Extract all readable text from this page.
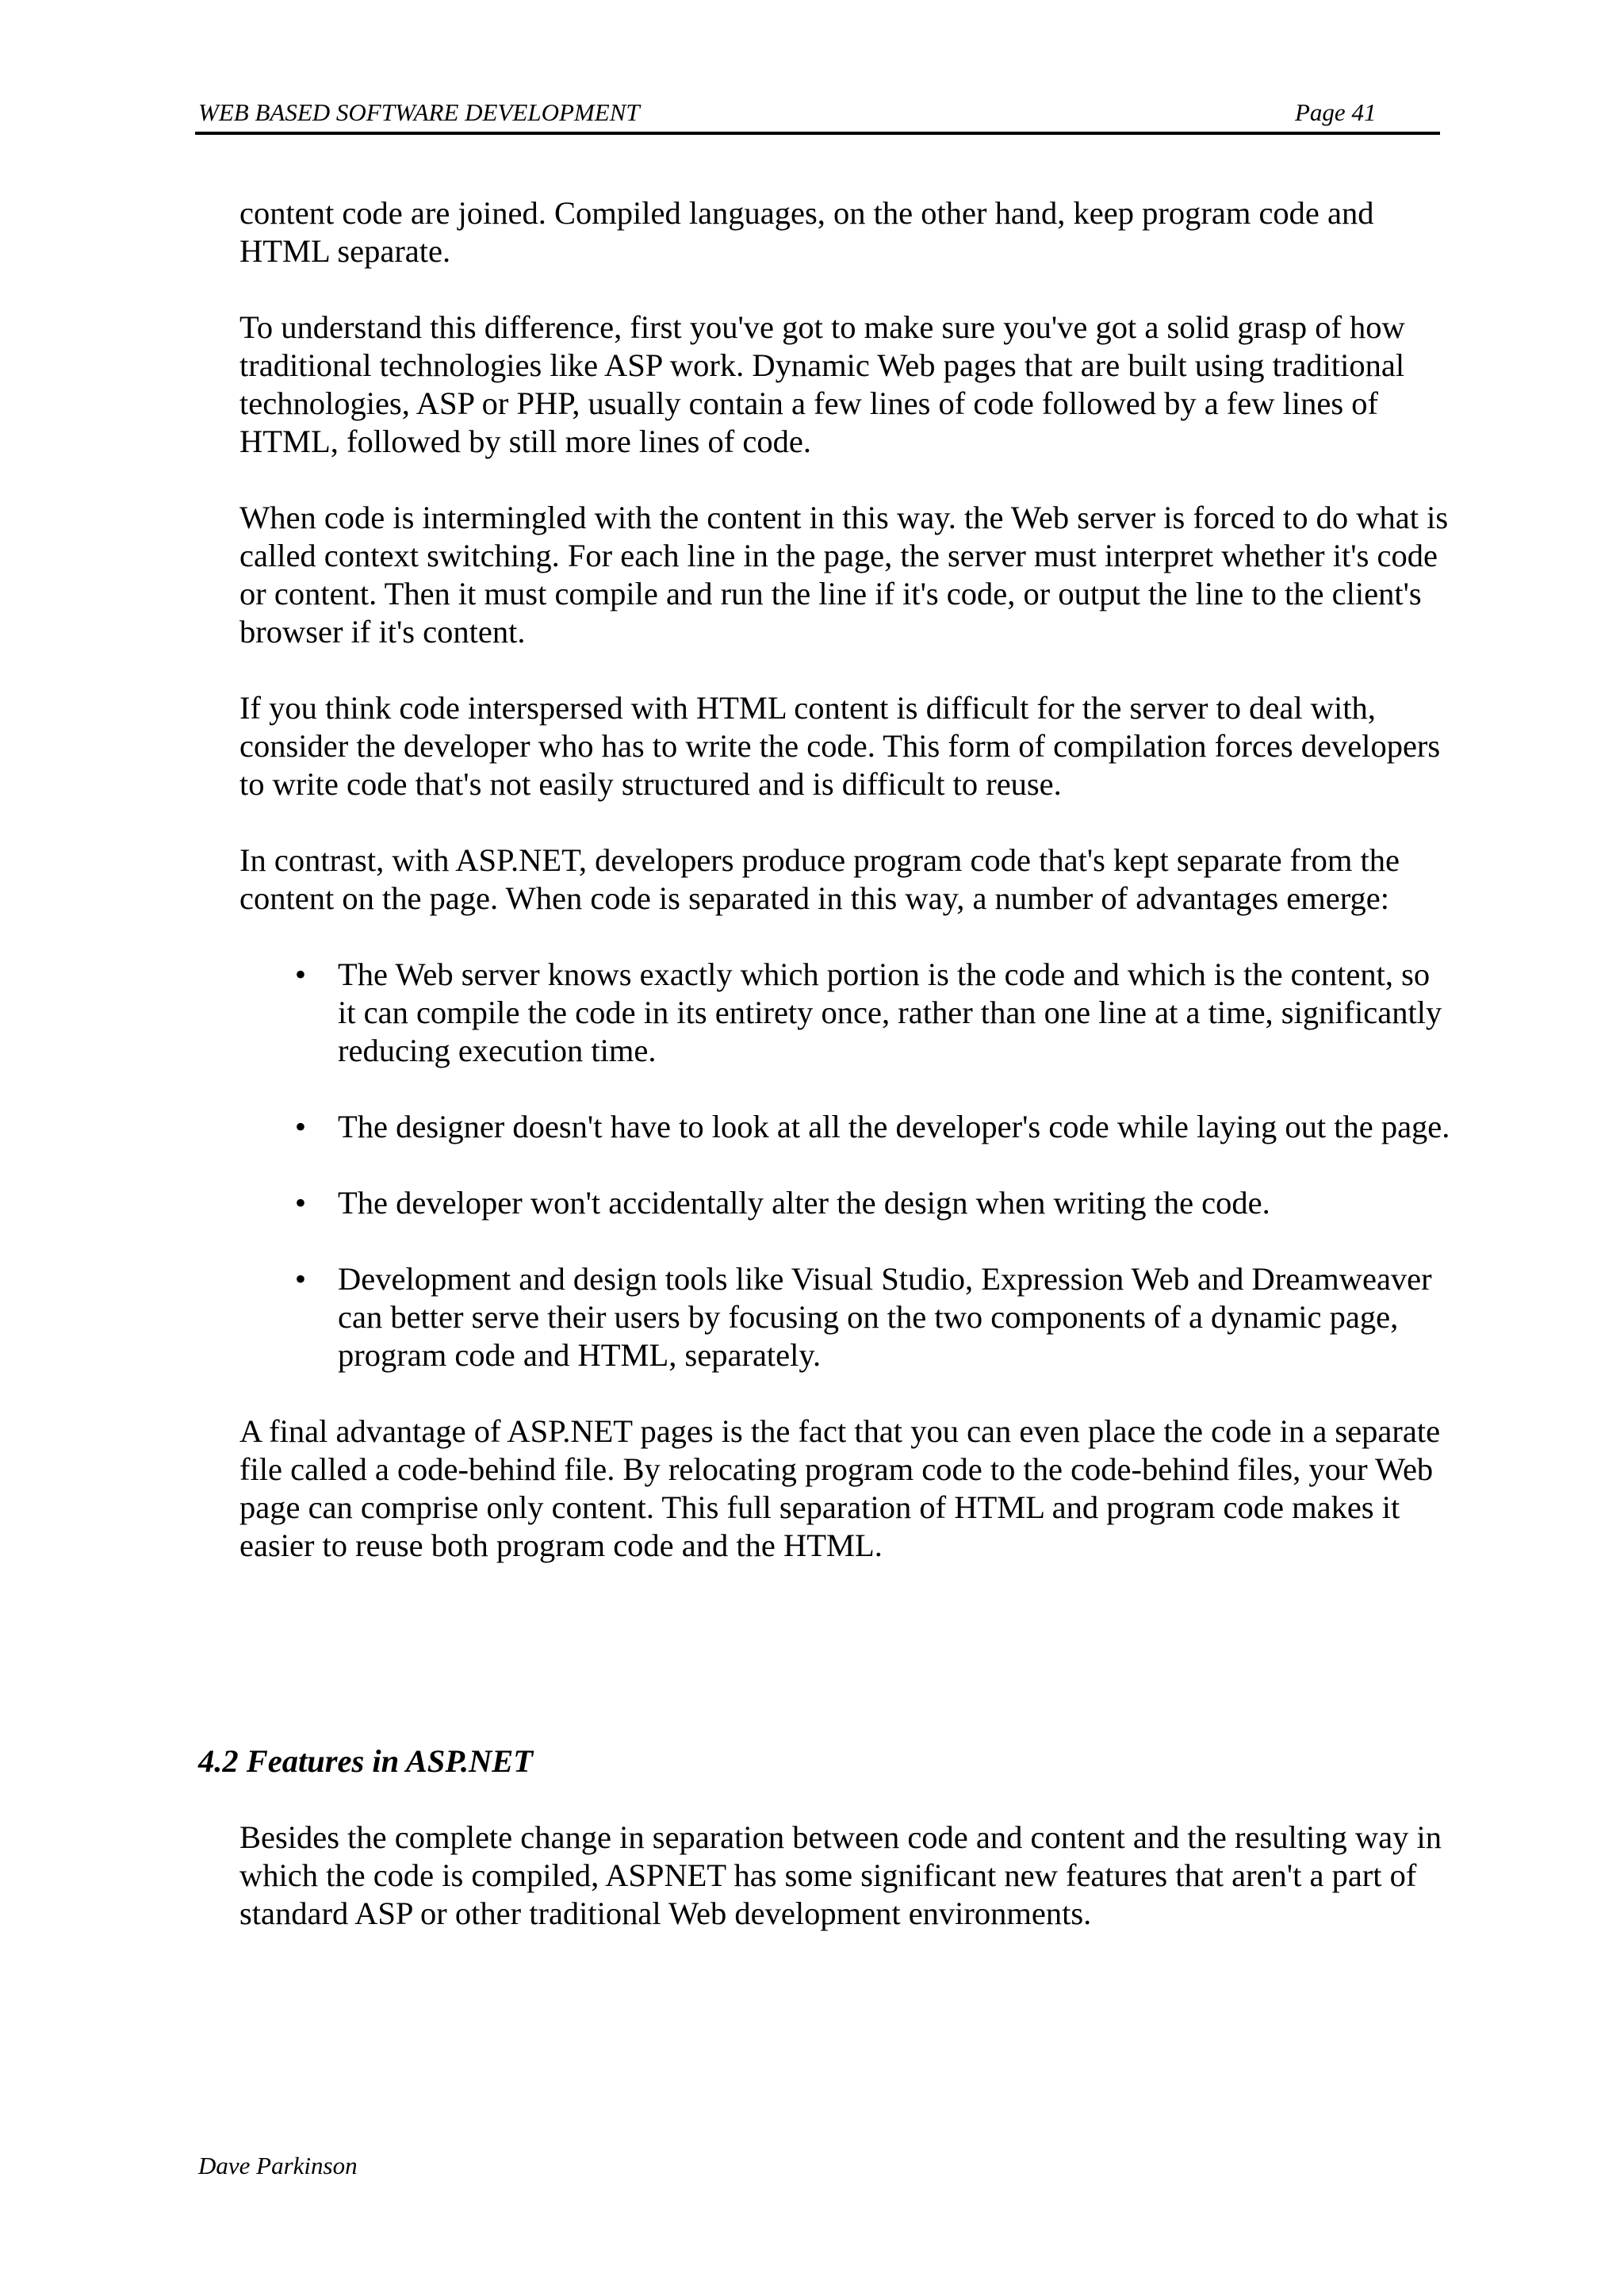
WEB BASED SOFTWARE DEVELOPMENT	Page 41

content code are joined. Compiled languages, on the other hand, keep program code and HTML separate.

To understand this difference, first you've got to make sure you've got a solid grasp of how traditional technologies like ASP work. Dynamic Web pages that are built using traditional technologies, ASP or PHP, usually contain a few lines of code followed by a few lines of HTML, followed by still more lines of code.

When code is intermingled with the content in this way. the Web server is forced to do what is called context switching. For each line in the page, the server must interpret whether it's code or content. Then it must compile and run the line if it's code, or output the line to the client's browser if it's content.

If you think code interspersed with HTML content is difficult for the server to deal with, consider the developer who has to write the code. This form of compilation forces developers to write code that's not easily structured and is difficult to reuse.

In contrast, with ASP.NET, developers produce program code that's kept separate from the content on the page. When code is separated in this way, a number of advantages emerge:

• The Web server knows exactly which portion is the code and which is the content, so it can compile the code in its entirety once, rather than one line at a time, significantly reducing execution time.
• The designer doesn't have to look at all the developer's code while laying out the page.
• The developer won't accidentally alter the design when writing the code.
• Development and design tools like Visual Studio, Expression Web and Dreamweaver can better serve their users by focusing on the two components of a dynamic page, program code and HTML, separately.

A final advantage of ASP.NET pages is the fact that you can even place the code in a separate file called a code-behind file. By relocating program code to the code-behind files, your Web page can comprise only content. This full separation of HTML and program code makes it easier to reuse both program code and the HTML.

4.2 Features in ASP.NET

Besides the complete change in separation between code and content and the resulting way in which the code is compiled, ASPNET has some significant new features that aren't a part of standard ASP or other traditional Web development environments.

Dave Parkinson
